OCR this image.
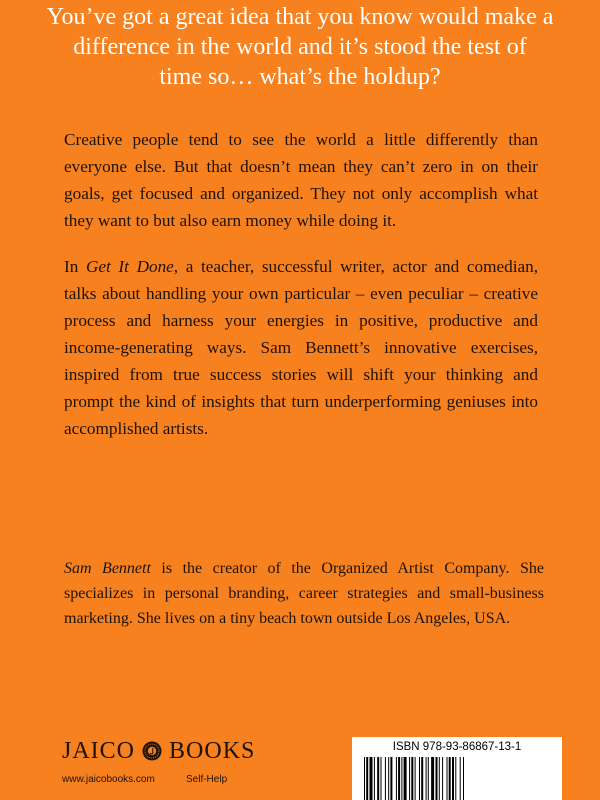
You’ve got a great idea that you know would make a
difference in the world and it’s stood the test of
time so… what’s the holdup?

Creative people tend to see the world a little differently than everyone else. But that doesn’t mean they can’t zero in on their goals, get focused and organized. They not only accomplish what they want to but also earn money while doing it.

In Get It Done, a teacher, successful writer, actor and comedian, talks about handling your own particular – even peculiar – creative process and harness your energies in positive, productive and income-generating ways. Sam Bennett’s innovative exercises, inspired from true success stories will shift your thinking and prompt the kind of insights that turn underperforming geniuses into accomplished artists.

Sam Bennett is the creator of the Organized Artist Company. She specializes in personal branding, career strategies and small-business marketing. She lives on a tiny beach town outside Los Angeles, USA.

JAICO BOOKS
www.jaicobooks.com	Self-Help
ISBN 978-93-86867-13-1
